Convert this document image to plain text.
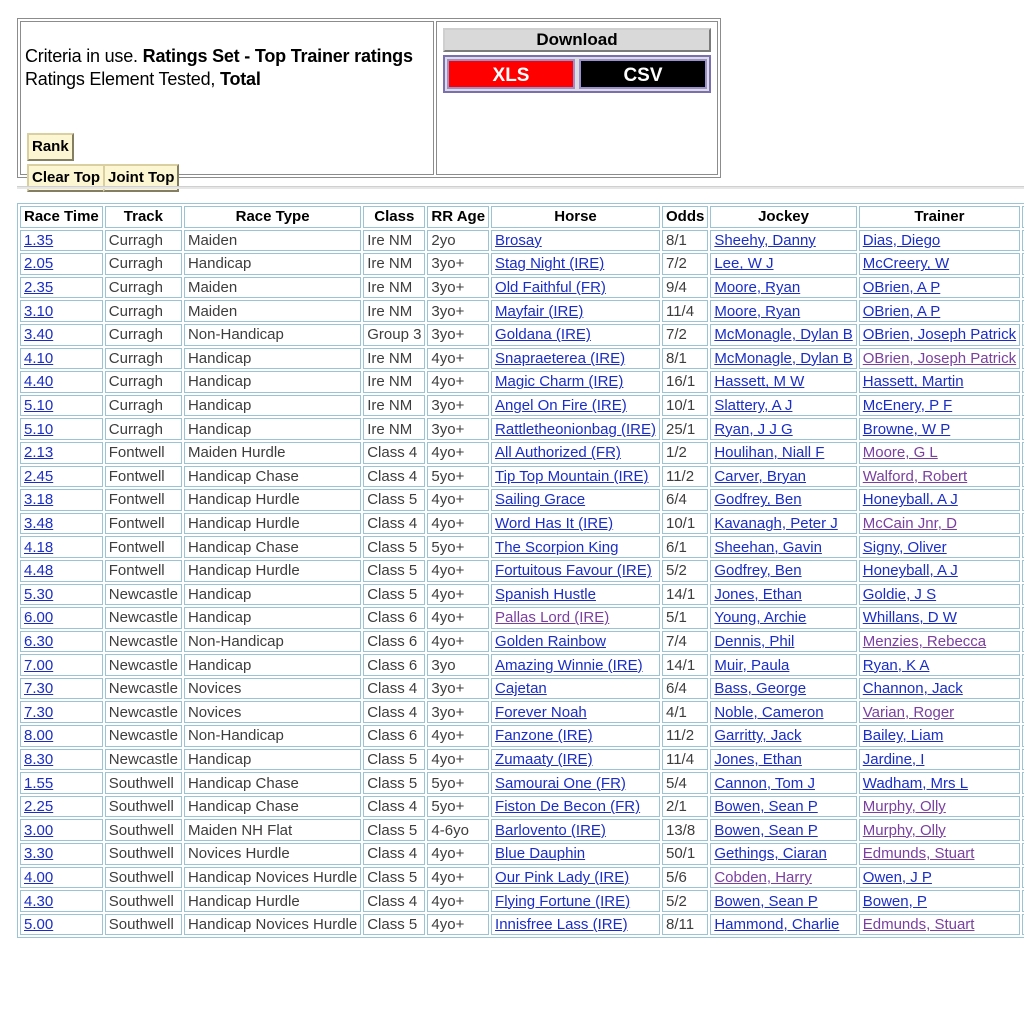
Criteria in use. Ratings Set - Top Trainer ratings
Ratings Element Tested, Total
Rank
Clear Top Joint Top
Download
XLS	CSV
Race Time	Track	Race Type	Class	RR Age	Horse	Odds	Jockey	Trainer	
1.35	Curragh	Maiden	Ire NM	2yo	Brosay	8/1	Sheehy, Danny	Dias, Diego	
2.05	Curragh	Handicap	Ire NM	3yo+	Stag Night (IRE)	7/2	Lee, W J	McCreery, W	
2.35	Curragh	Maiden	Ire NM	3yo+	Old Faithful (FR)	9/4	Moore, Ryan	OBrien, A P	
3.10	Curragh	Maiden	Ire NM	3yo+	Mayfair (IRE)	11/4	Moore, Ryan	OBrien, A P	
3.40	Curragh	Non-Handicap	Group 3	3yo+	Goldana (IRE)	7/2	McMonagle, Dylan B	OBrien, Joseph Patrick	
4.10	Curragh	Handicap	Ire NM	4yo+	Snapraeterea (IRE)	8/1	McMonagle, Dylan B	OBrien, Joseph Patrick	
4.40	Curragh	Handicap	Ire NM	4yo+	Magic Charm (IRE)	16/1	Hassett, M W	Hassett, Martin	
5.10	Curragh	Handicap	Ire NM	3yo+	Angel On Fire (IRE)	10/1	Slattery, A J	McEnery, P F	
5.10	Curragh	Handicap	Ire NM	3yo+	Rattletheonionbag (IRE)	25/1	Ryan, J J G	Browne, W P	
2.13	Fontwell	Maiden Hurdle	Class 4	4yo+	All Authorized (FR)	1/2	Houlihan, Niall F	Moore, G L	
2.45	Fontwell	Handicap Chase	Class 4	5yo+	Tip Top Mountain (IRE)	11/2	Carver, Bryan	Walford, Robert	
3.18	Fontwell	Handicap Hurdle	Class 5	4yo+	Sailing Grace	6/4	Godfrey, Ben	Honeyball, A J	
3.48	Fontwell	Handicap Hurdle	Class 4	4yo+	Word Has It (IRE)	10/1	Kavanagh, Peter J	McCain Jnr, D	
4.18	Fontwell	Handicap Chase	Class 5	5yo+	The Scorpion King	6/1	Sheehan, Gavin	Signy, Oliver	
4.48	Fontwell	Handicap Hurdle	Class 5	4yo+	Fortuitous Favour (IRE)	5/2	Godfrey, Ben	Honeyball, A J	
5.30	Newcastle	Handicap	Class 5	4yo+	Spanish Hustle	14/1	Jones, Ethan	Goldie, J S	
6.00	Newcastle	Handicap	Class 6	4yo+	Pallas Lord (IRE)	5/1	Young, Archie	Whillans, D W	
6.30	Newcastle	Non-Handicap	Class 6	4yo+	Golden Rainbow	7/4	Dennis, Phil	Menzies, Rebecca	
7.00	Newcastle	Handicap	Class 6	3yo	Amazing Winnie (IRE)	14/1	Muir, Paula	Ryan, K A	
7.30	Newcastle	Novices	Class 4	3yo+	Cajetan	6/4	Bass, George	Channon, Jack	
7.30	Newcastle	Novices	Class 4	3yo+	Forever Noah	4/1	Noble, Cameron	Varian, Roger	
8.00	Newcastle	Non-Handicap	Class 6	4yo+	Fanzone (IRE)	11/2	Garritty, Jack	Bailey, Liam	
8.30	Newcastle	Handicap	Class 5	4yo+	Zumaaty (IRE)	11/4	Jones, Ethan	Jardine, I	
1.55	Southwell	Handicap Chase	Class 5	5yo+	Samourai One (FR)	5/4	Cannon, Tom J	Wadham, Mrs L	
2.25	Southwell	Handicap Chase	Class 4	5yo+	Fiston De Becon (FR)	2/1	Bowen, Sean P	Murphy, Olly	
3.00	Southwell	Maiden NH Flat	Class 5	4-6yo	Barlovento (IRE)	13/8	Bowen, Sean P	Murphy, Olly	
3.30	Southwell	Novices Hurdle	Class 4	4yo+	Blue Dauphin	50/1	Gethings, Ciaran	Edmunds, Stuart	
4.00	Southwell	Handicap Novices Hurdle	Class 5	4yo+	Our Pink Lady (IRE)	5/6	Cobden, Harry	Owen, J P	
4.30	Southwell	Handicap Hurdle	Class 4	4yo+	Flying Fortune (IRE)	5/2	Bowen, Sean P	Bowen, P	
5.00	Southwell	Handicap Novices Hurdle	Class 5	4yo+	Innisfree Lass (IRE)	8/11	Hammond, Charlie	Edmunds, Stuart	
